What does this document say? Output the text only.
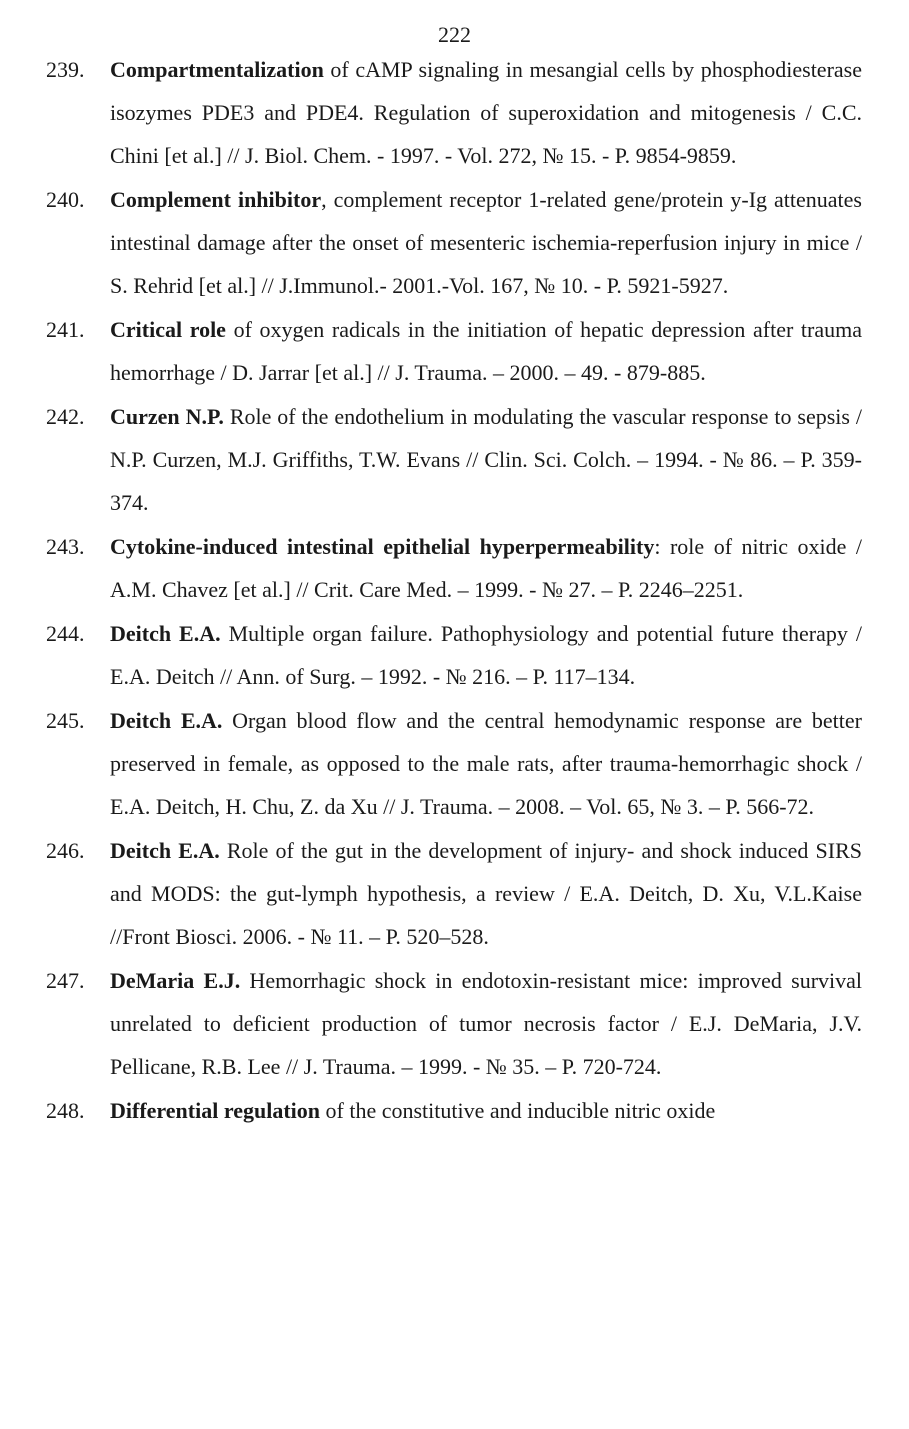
222
239. Compartmentalization of cAMP signaling in mesangial cells by phosphodiesterase isozymes PDE3 and PDE4. Regulation of superoxidation and mitogenesis / C.C. Chini [et al.] // J. Biol. Chem. - 1997. - Vol. 272, № 15. - P. 9854-9859.
240. Complement inhibitor, complement receptor 1-related gene/protein y-Ig attenuates intestinal damage after the onset of mesenteric ischemia-reperfusion injury in mice / S. Rehrid [et al.] // J.Immunol.- 2001.-Vol. 167, № 10. - P. 5921-5927.
241. Critical role of oxygen radicals in the initiation of hepatic depression after trauma hemorrhage / D. Jarrar [et al.] // J. Trauma. – 2000. – 49. - 879-885.
242. Curzen N.P. Role of the endothelium in modulating the vascular response to sepsis / N.P. Curzen, M.J. Griffiths, T.W. Evans // Clin. Sci. Colch. – 1994. - № 86. – P. 359-374.
243. Cytokine-induced intestinal epithelial hyperpermeability: role of nitric oxide / A.M. Chavez [et al.] // Crit. Care Med. – 1999. - № 27. – P. 2246–2251.
244. Deitch E.A. Multiple organ failure. Pathophysiology and potential future therapy / E.A. Deitch // Ann. of Surg. – 1992. - № 216. – P. 117–134.
245. Deitch E.A. Organ blood flow and the central hemodynamic response are better preserved in female, as opposed to the male rats, after trauma-hemorrhagic shock / E.A. Deitch, H. Chu, Z. da Xu // J. Trauma. – 2008. – Vol. 65, № 3. – P. 566-72.
246. Deitch E.A. Role of the gut in the development of injury- and shock induced SIRS and MODS: the gut-lymph hypothesis, a review / E.A. Deitch, D. Xu, V.L.Kaise //Front Biosci. 2006. - № 11. – P. 520–528.
247. DeMaria E.J. Hemorrhagic shock in endotoxin-resistant mice: improved survival unrelated to deficient production of tumor necrosis factor / E.J. DeMaria, J.V. Pellicane, R.B. Lee // J. Trauma. – 1999. - № 35. – P. 720-724.
248. Differential regulation of the constitutive and inducible nitric oxide
